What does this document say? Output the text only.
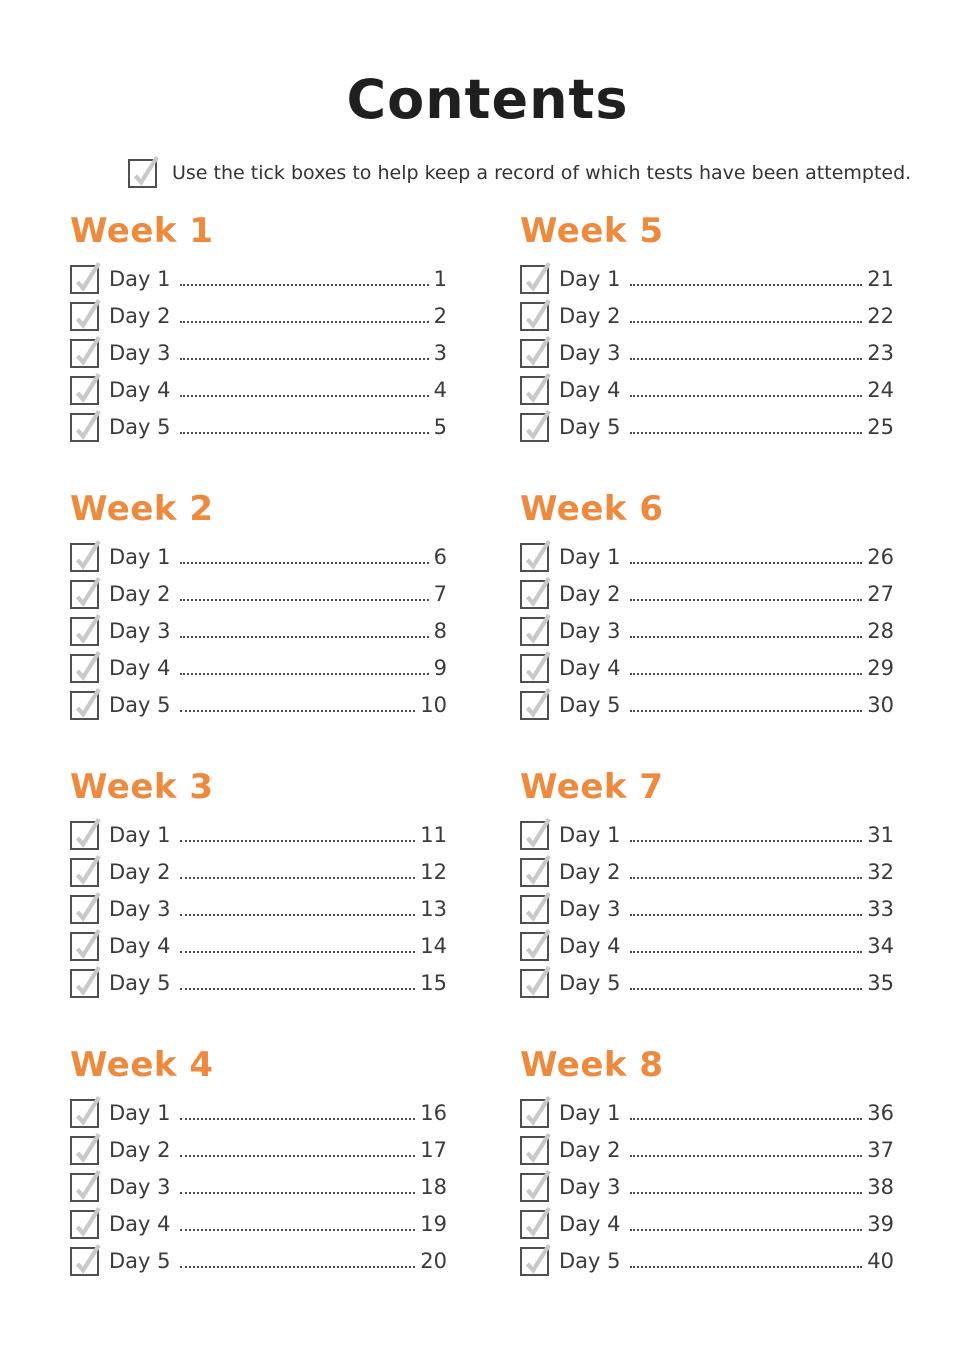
Contents
Use the tick boxes to help keep a record of which tests have been attempted.
Week 1
Day 1	1
Day 2	2
Day 3	3
Day 4	4
Day 5	5
Week 5
Day 1	21
Day 2	22
Day 3	23
Day 4	24
Day 5	25
Week 2
Day 1	6
Day 2	7
Day 3	8
Day 4	9
Day 5	10
Week 6
Day 1	26
Day 2	27
Day 3	28
Day 4	29
Day 5	30
Week 3
Day 1	11
Day 2	12
Day 3	13
Day 4	14
Day 5	15
Week 7
Day 1	31
Day 2	32
Day 3	33
Day 4	34
Day 5	35
Week 4
Day 1	16
Day 2	17
Day 3	18
Day 4	19
Day 5	20
Week 8
Day 1	36
Day 2	37
Day 3	38
Day 4	39
Day 5	40
